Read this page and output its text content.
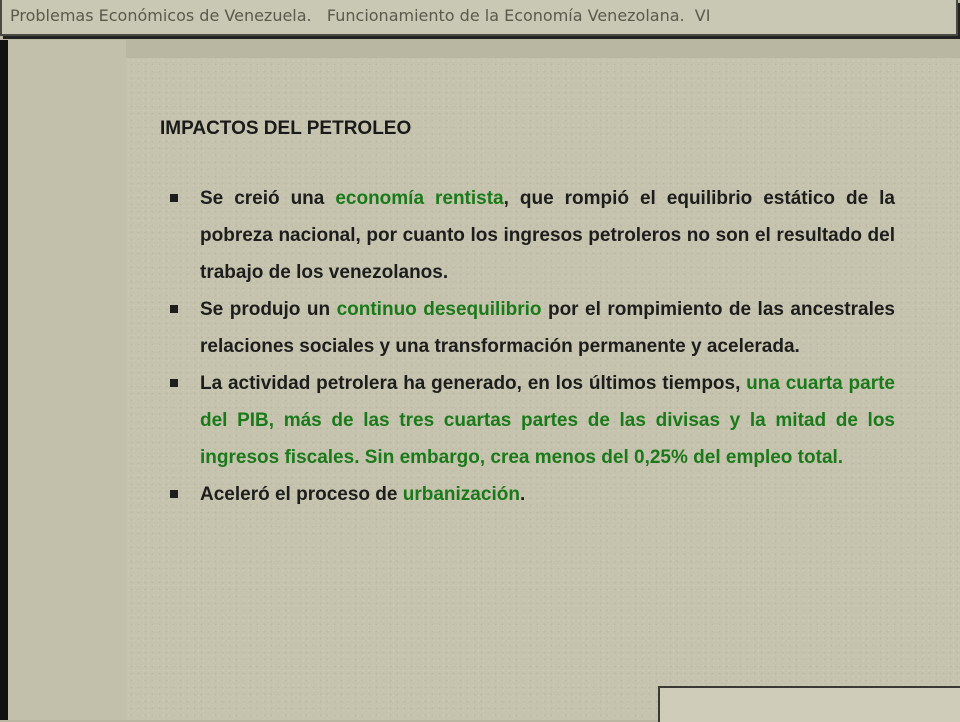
Problemas Económicos de Venezuela. Funcionamiento de la Economía Venezolana. VI
IMPACTOS DEL PETROLEO
Se creió una economía rentista, que rompió el equilibrio estático de la pobreza nacional, por cuanto los ingresos petroleros no son el resultado del trabajo de los venezolanos.
Se produjo un continuo desequilibrio por el rompimiento de las ancestrales relaciones sociales y una transformación permanente y acelerada.
La actividad petrolera ha generado, en los últimos tiempos, una cuarta parte del PIB, más de las tres cuartas partes de las divisas y la mitad de los ingresos fiscales. Sin embargo, crea menos del 0,25% del empleo total.
Aceleró el proceso de urbanización.
